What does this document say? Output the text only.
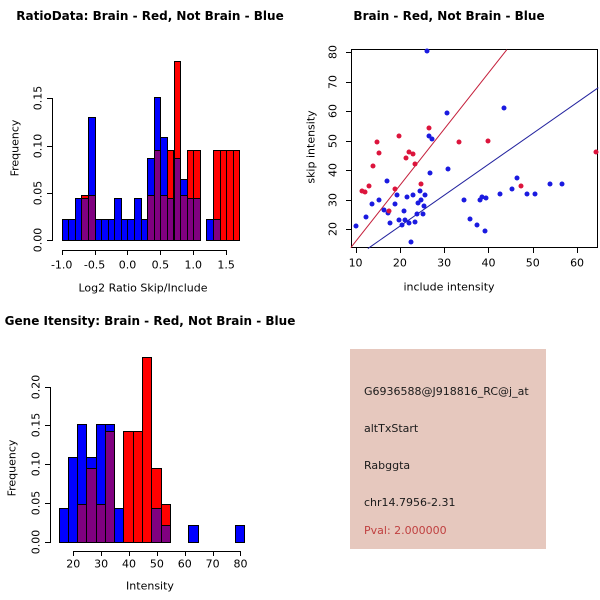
RatioData: Brain - Red, Not Brain - Blue
Frequency
Log2 Ratio Skip/Include
-1.0 -0.5 0.0 0.5 1.0 1.5
0.00
0.05
0.10
0.15
Brain - Red, Not Brain - Blue
skip intensity
include intensity
10	20	30	40	50	60
20
30
40
50
60
70
80
Gene Itensity: Brain - Red, Not Brain - Blue
Frequency
Intensity
20 30 40 50 60 70 80
0.00
0.05
0.10
0.15
0.20	G6936588@J918816_RC@j_at
altTxStart
Rabggta
chr14.7956-2.31
Pval: 2.000000
